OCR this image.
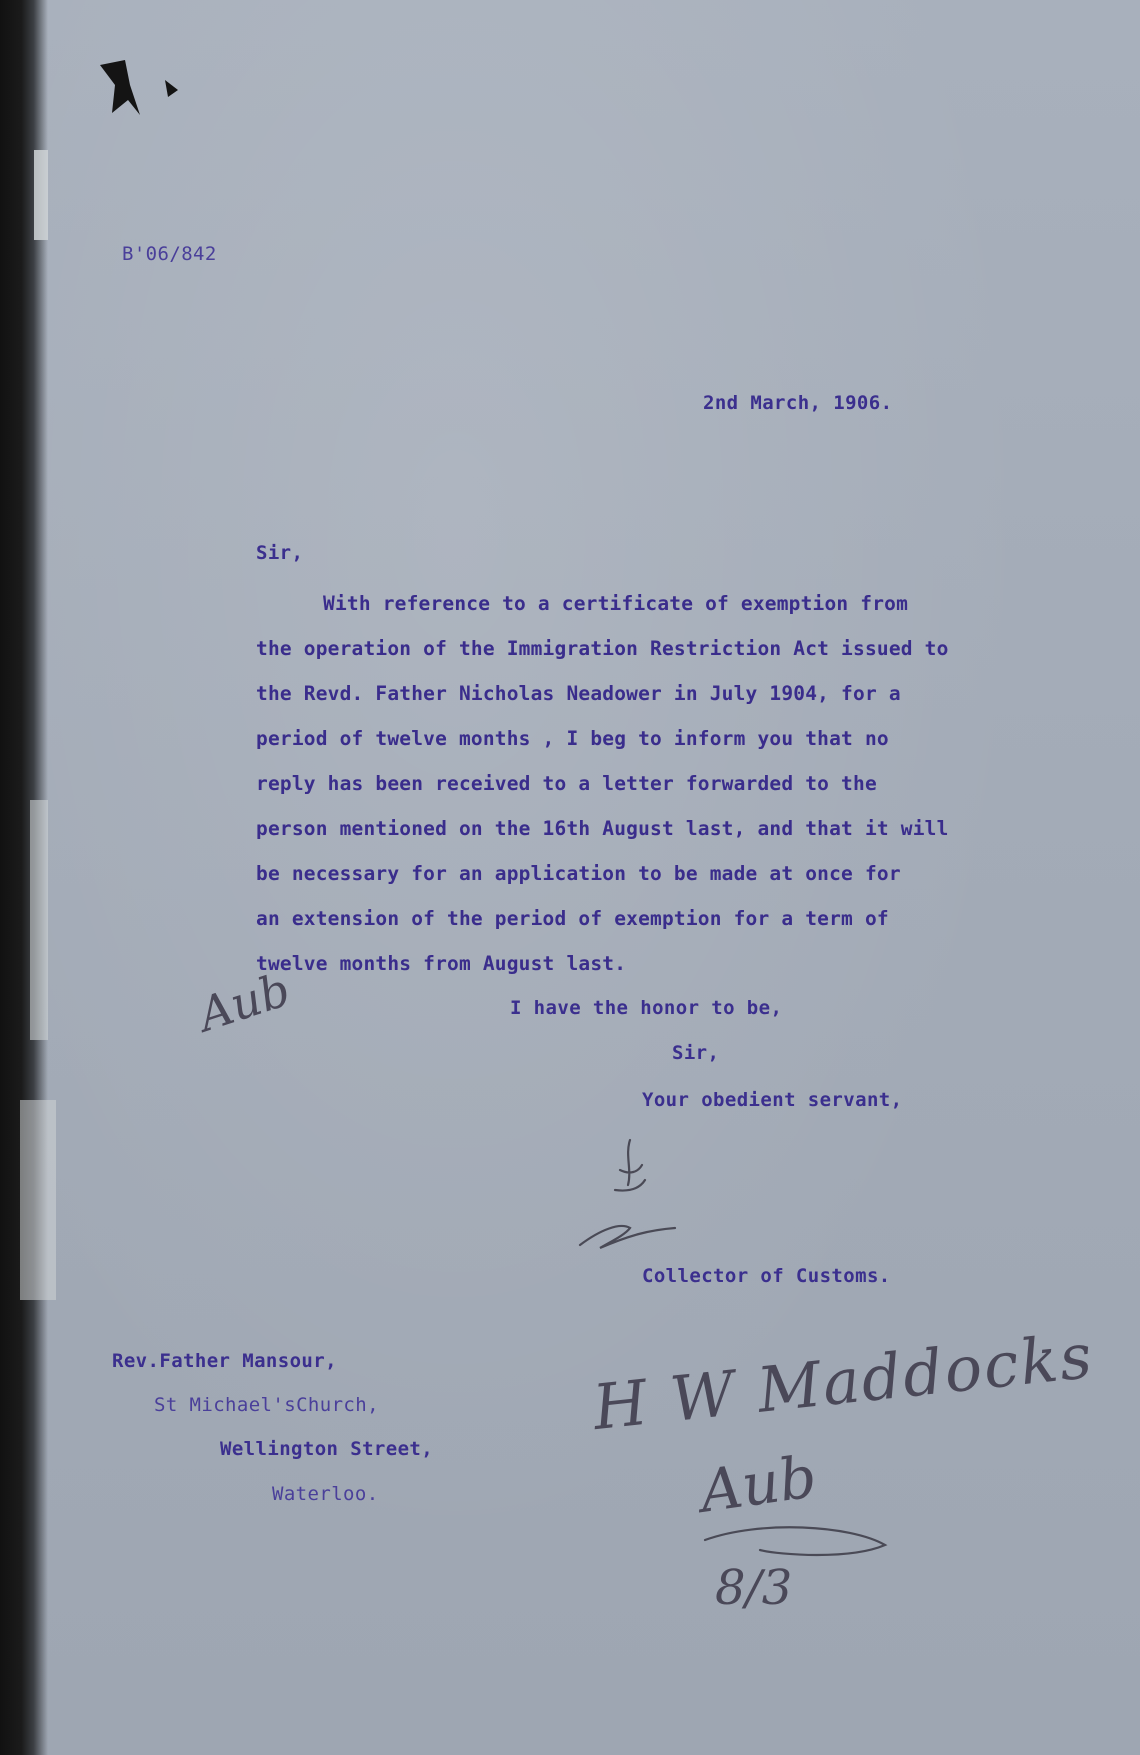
B'06/842
2nd March, 1906.
Sir,
With reference to a certificate of exemption from
the operation of the Immigration Restriction Act issued to
the Revd. Father Nicholas Neadower in July 1904, for a
period of twelve months , I beg to inform you that no
reply has been received to a letter forwarded to the
person mentioned on the 16th August last, and that it will
be necessary for an application to be made at once for
an extension of the period of exemption for a term of
twelve months from August last.
Aub	I have the honor to be,
Sir,
Your obedient servant,
Collector of Customs.
Rev.Father Mansour,
St Michael'sChurch,
Wellington Street,
Waterloo.
H W Maddocks
Aub
8/3
